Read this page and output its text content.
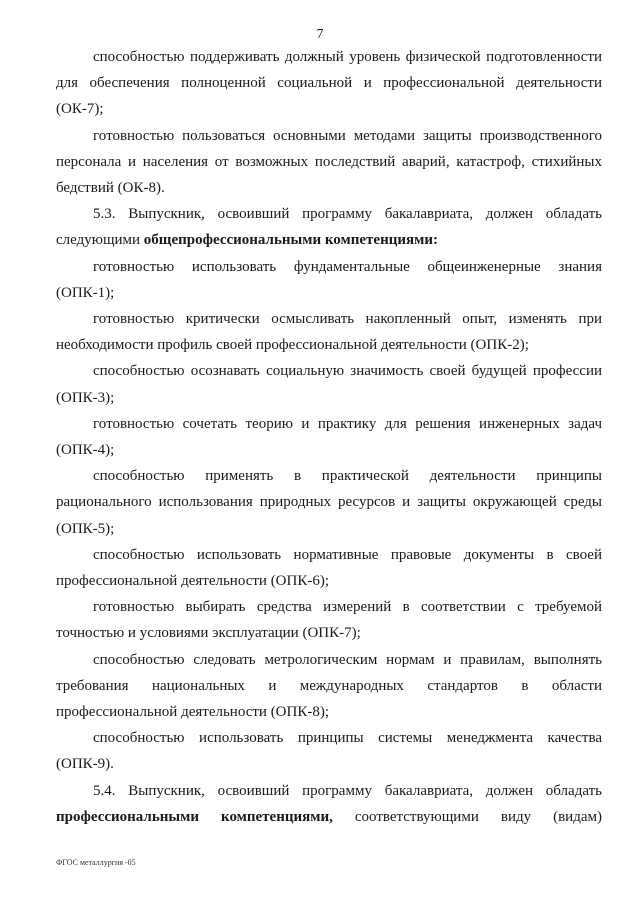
7

способностью поддерживать должный уровень физической подготовленности для обеспечения полноценной социальной и профессиональной деятельности (ОК-7);

готовностью пользоваться основными методами защиты производственного персонала и населения от возможных последствий аварий, катастроф, стихийных бедствий (ОК-8).

5.3. Выпускник, освоивший программу бакалавриата, должен обладать следующими общепрофессиональными компетенциями:

готовностью использовать фундаментальные общеинженерные знания (ОПК-1);

готовностью критически осмысливать накопленный опыт, изменять при необходимости профиль своей профессиональной деятельности (ОПК-2);

способностью осознавать социальную значимость своей будущей профессии (ОПК-3);

готовностью сочетать теорию и практику для решения инженерных задач (ОПК-4);

способностью применять в практической деятельности принципы рационального использования природных ресурсов и защиты окружающей среды (ОПК-5);

способностью использовать нормативные правовые документы в своей профессиональной деятельности (ОПК-6);

готовностью выбирать средства измерений в соответствии с требуемой точностью и условиями эксплуатации (ОПК-7);

способностью следовать метрологическим нормам и правилам, выполнять требования национальных и международных стандартов в области профессиональной деятельности (ОПК-8);

способностью использовать принципы системы менеджмента качества (ОПК-9).

5.4. Выпускник, освоивший программу бакалавриата, должен обладать профессиональными компетенциями, соответствующими виду (видам)

ФГОС металлургия -05
